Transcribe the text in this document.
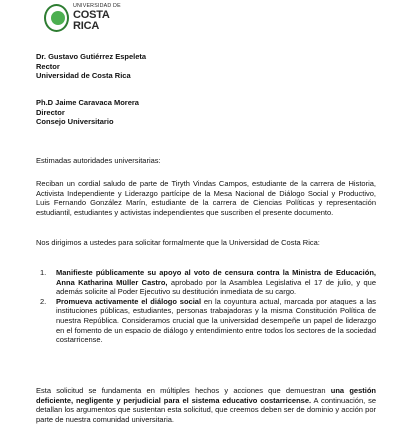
UNIVERSIDAD DE
COSTA RICA
Dr. Gustavo Gutiérrez Espeleta
Rector
Universidad de Costa Rica
Ph.D Jaime Caravaca Morera
Director
Consejo Universitario
Estimadas autoridades universitarias:

Reciban un cordial saludo de parte de Tiryth Vindas Campos, estudiante de la carrera de Historia, Activista Independiente y Liderazgo partícipe de la Mesa Nacional de Diálogo Social y Productivo, Luis Fernando González Marín, estudiante de la carrera de Ciencias Políticas y representación estudiantil, estudiantes y activistas independientes que suscriben el presente documento.

Nos dirigimos a ustedes para solicitar formalmente que la Universidad de Costa Rica:

1. Manifieste públicamente su apoyo al voto de censura contra la Ministra de Educación, Anna Katharina Müller Castro, aprobado por la Asamblea Legislativa el 17 de julio, y que además solicite al Poder Ejecutivo su destitución inmediata de su cargo.
2. Promueva activamente el diálogo social en la coyuntura actual, marcada por ataques a las instituciones públicas, estudiantes, personas trabajadoras y la misma Constitución Política de nuestra República. Consideramos crucial que la universidad desempeñe un papel de liderazgo en el fomento de un espacio de diálogo y entendimiento entre todos los sectores de la sociedad costarricense.

Esta solicitud se fundamenta en múltiples hechos y acciones que demuestran una gestión deficiente, negligente y perjudicial para el sistema educativo costarricense. A continuación, se detallan los argumentos que sustentan esta solicitud, que creemos deben ser de dominio y acción por parte de nuestra comunidad universitaria.
